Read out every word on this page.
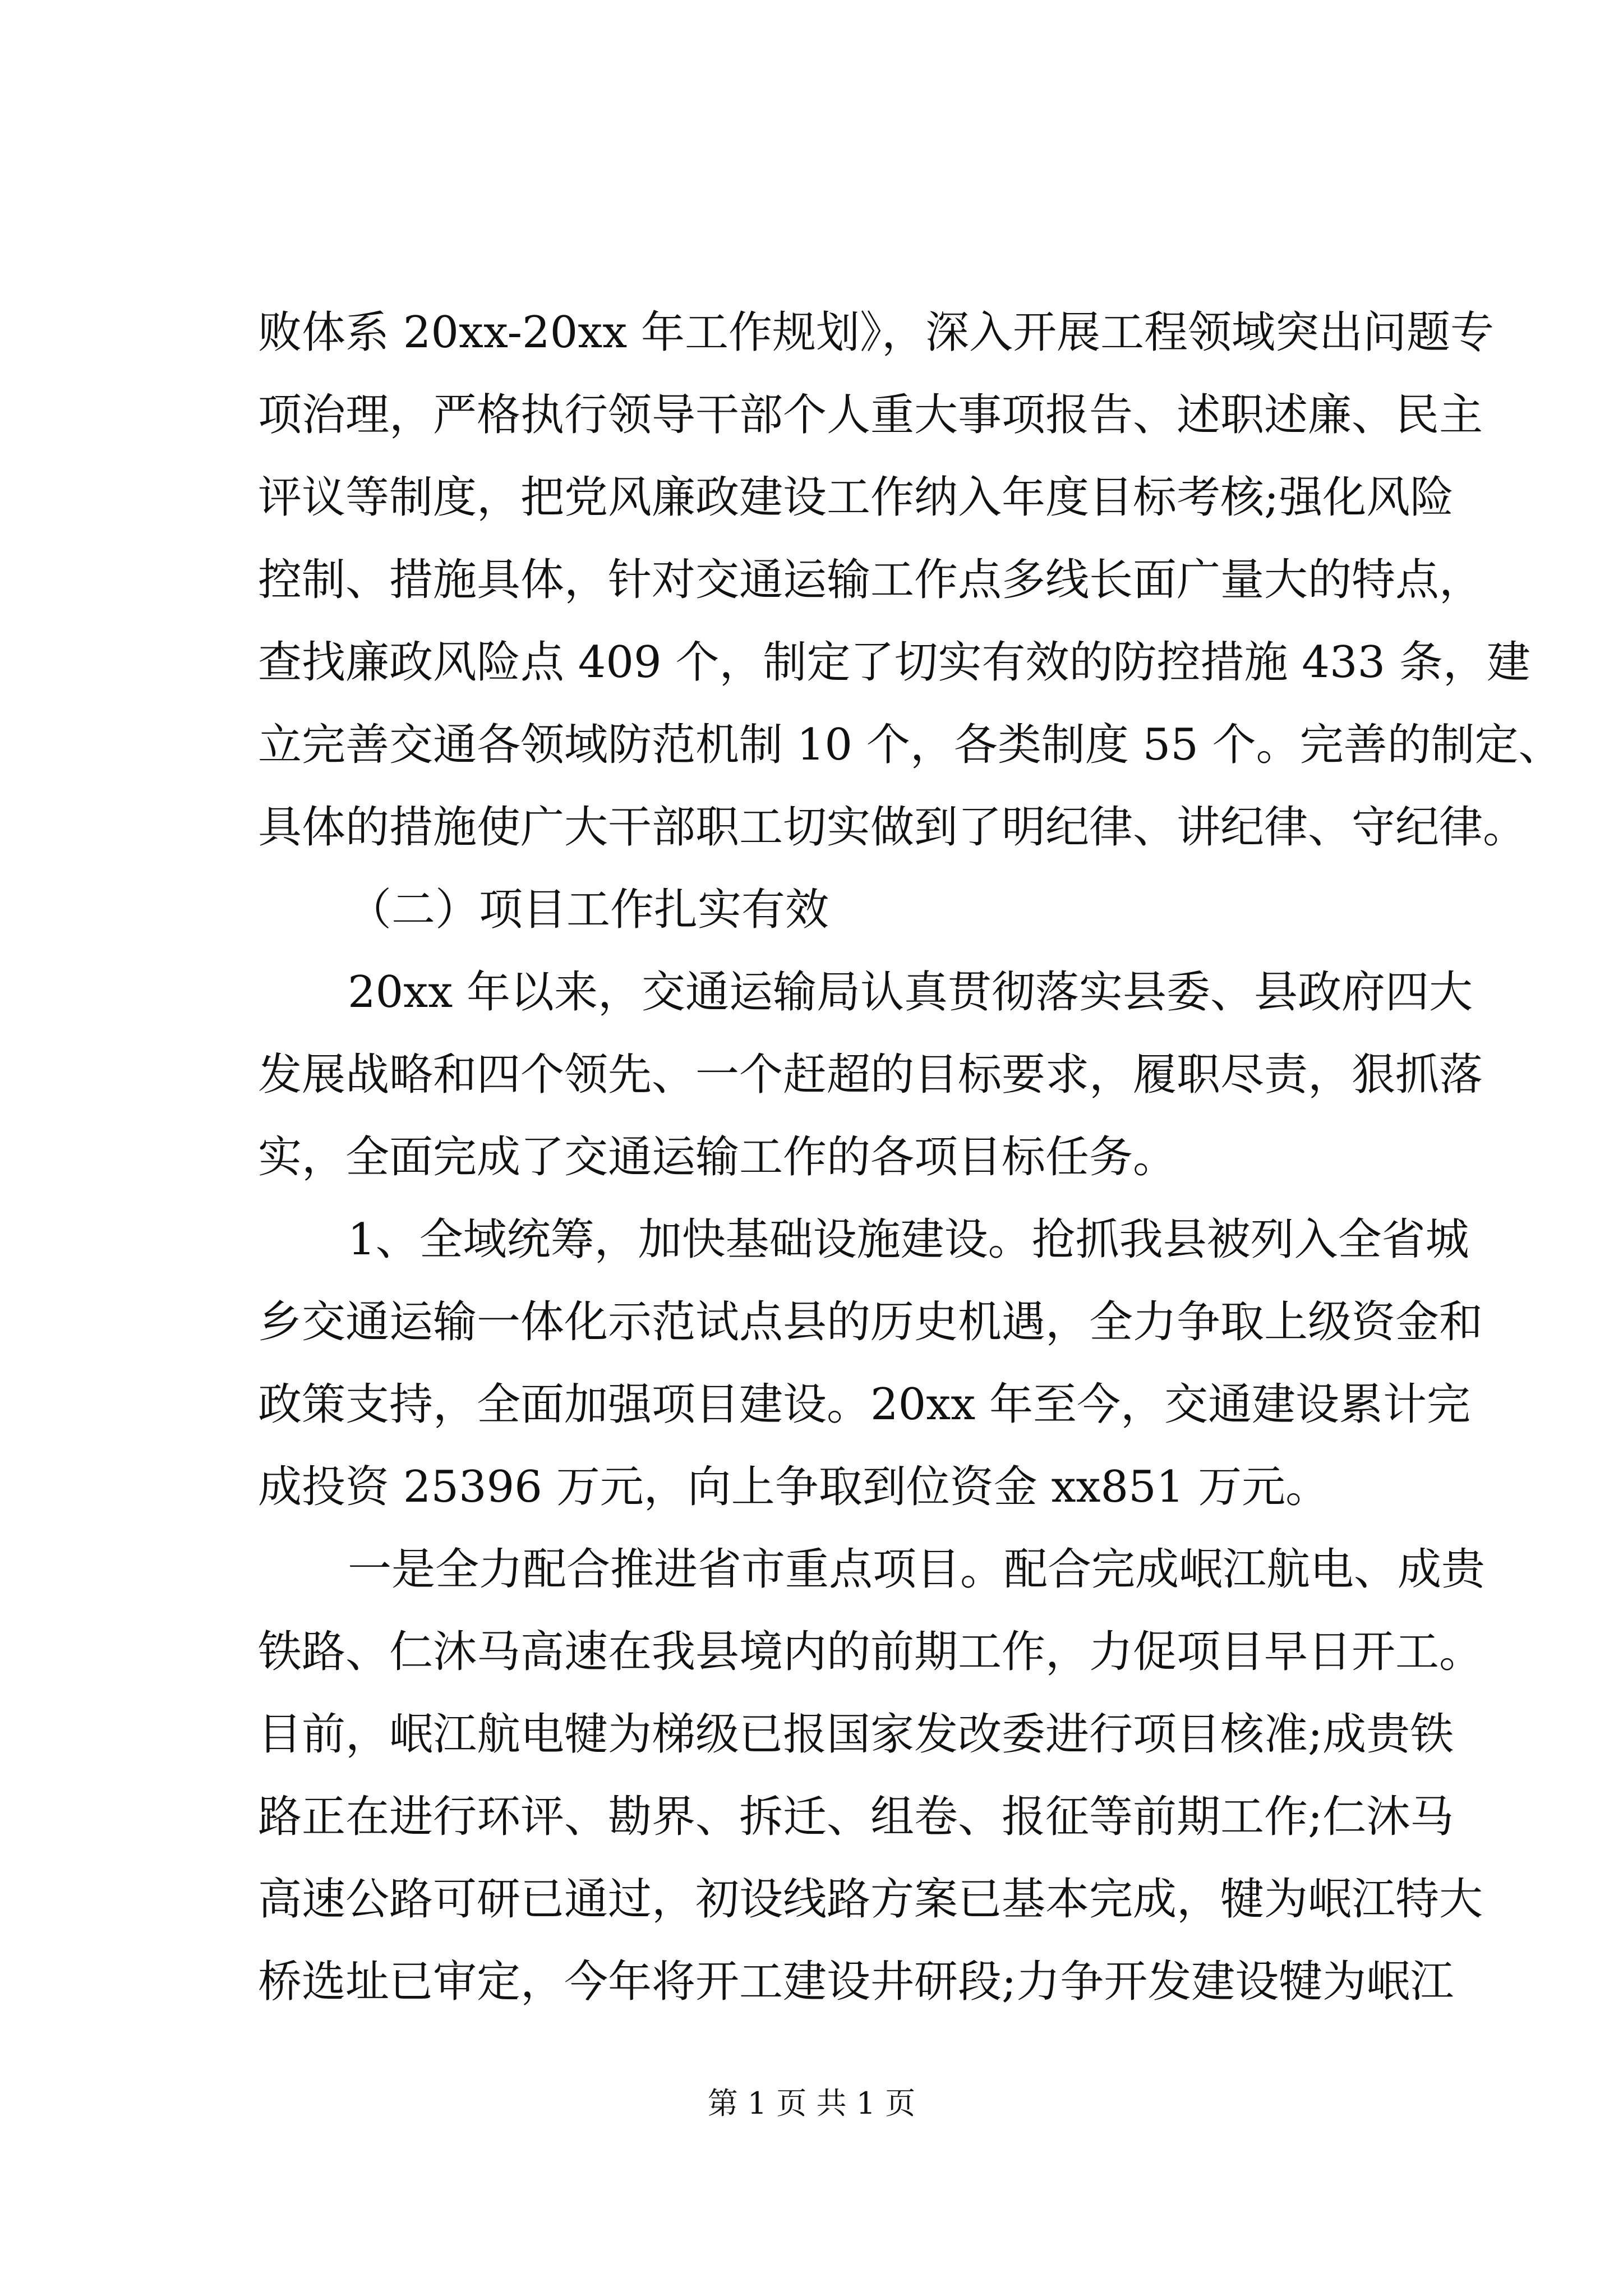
败体系 20xx-20xx 年工作规划》，深入开展工程领域突出问题专
项治理，严格执行领导干部个人重大事项报告、述职述廉、民主
评议等制度，把党风廉政建设工作纳入年度目标考核;强化风险
控制、措施具体，针对交通运输工作点多线长面广量大的特点，
查找廉政风险点 409 个，制定了切实有效的防控措施 433 条，建
立完善交通各领域防范机制 10 个，各类制度 55 个。完善的制定、
具体的措施使广大干部职工切实做到了明纪律、讲纪律、守纪律。
（二）项目工作扎实有效
20xx 年以来，交通运输局认真贯彻落实县委、县政府四大
发展战略和四个领先、一个赶超的目标要求，履职尽责，狠抓落
实，全面完成了交通运输工作的各项目标任务。
1、全域统筹，加快基础设施建设。抢抓我县被列入全省城
乡交通运输一体化示范试点县的历史机遇，全力争取上级资金和
政策支持，全面加强项目建设。20xx 年至今，交通建设累计完
成投资 25396 万元，向上争取到位资金 xx851 万元。
一是全力配合推进省市重点项目。配合完成岷江航电、成贵
铁路、仁沐马高速在我县境内的前期工作，力促项目早日开工。
目前，岷江航电犍为梯级已报国家发改委进行项目核准;成贵铁
路正在进行环评、勘界、拆迁、组卷、报征等前期工作;仁沐马
高速公路可研已通过，初设线路方案已基本完成，犍为岷江特大
桥选址已审定，今年将开工建设井研段;力争开发建设犍为岷江
第 1 页 共 1 页
